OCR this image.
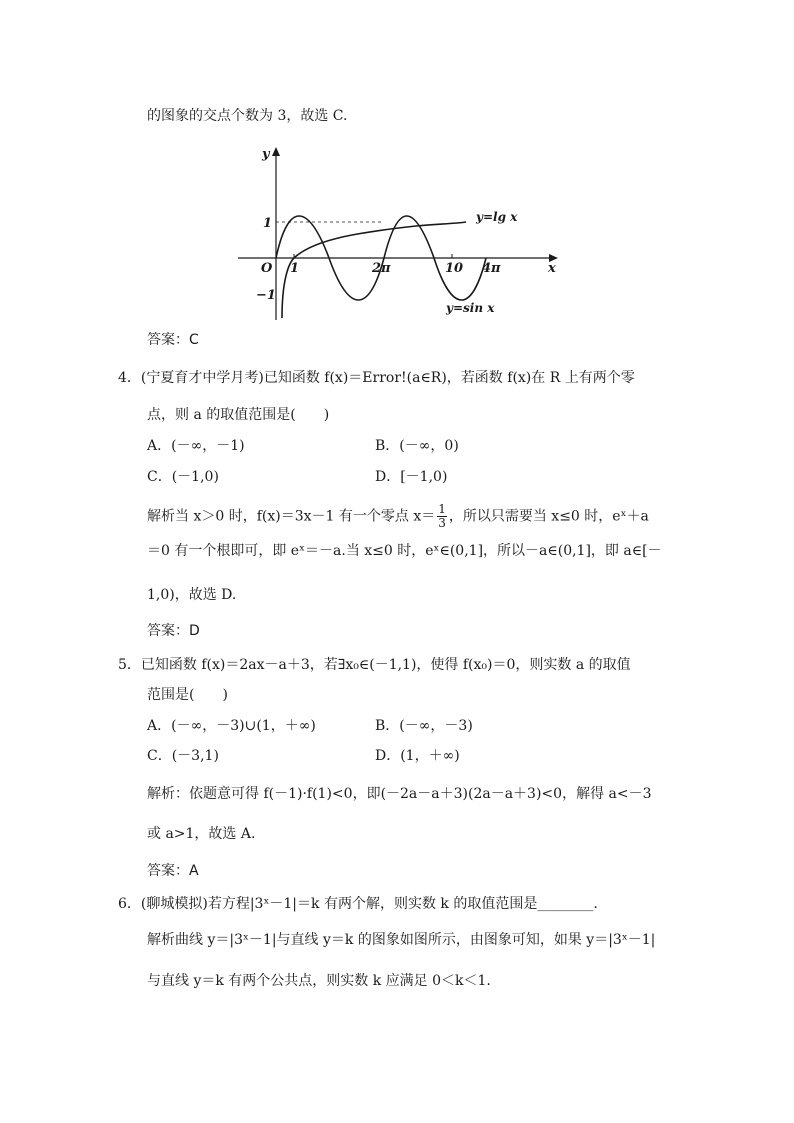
的图象的交点个数为 3，故选 C.
y
x
O 1	2π	10 4π
1
−1
y=lg x
y=sin x
答案：C
4．(宁夏育才中学月考)已知函数 f(x)＝Error!(a∈R)，若函数 f(x)在 R 上有两个零
点，则 a 的取值范围是(　　)
A．(－∞，－1)	B．(－∞，0)
C．(－1,0)	D．[－1,0)
解析当 x＞0 时，f(x)＝3x－1 有一个零点 $x= \frac{1}{3}$ ，所以只需要当 x≤0 时，eˣ＋a
＝0 有一个根即可，即 eˣ＝－a.当 x≤0 时，eˣ∈(0,1]，所以－a∈(0,1]，即 a∈[－
1,0)，故选 D.
答案：D
5．已知函数 f(x)＝2ax－a＋3，若∃x₀∈(－1,1)，使得 f(x₀)＝0，则实数 a 的取值
范围是(　　)
A．(－∞，－3)∪(1，＋∞)	B．(－∞，－3)
C．(－3,1)	D．(1，＋∞)
解析：依题意可得 f(－1)·f(1)<0，即(－2a－a＋3)(2a－a＋3)<0，解得 a<－3
或 a>1，故选 A.
答案：A
6．(聊城模拟)若方程|3ˣ－1|＝k 有两个解，则实数 k 的取值范围是________.
解析曲线 y＝|3ˣ－1|与直线 y＝k 的图象如图所示，由图象可知，如果 y＝|3ˣ－1|
与直线 y＝k 有两个公共点，则实数 k 应满足 0＜k＜1.
